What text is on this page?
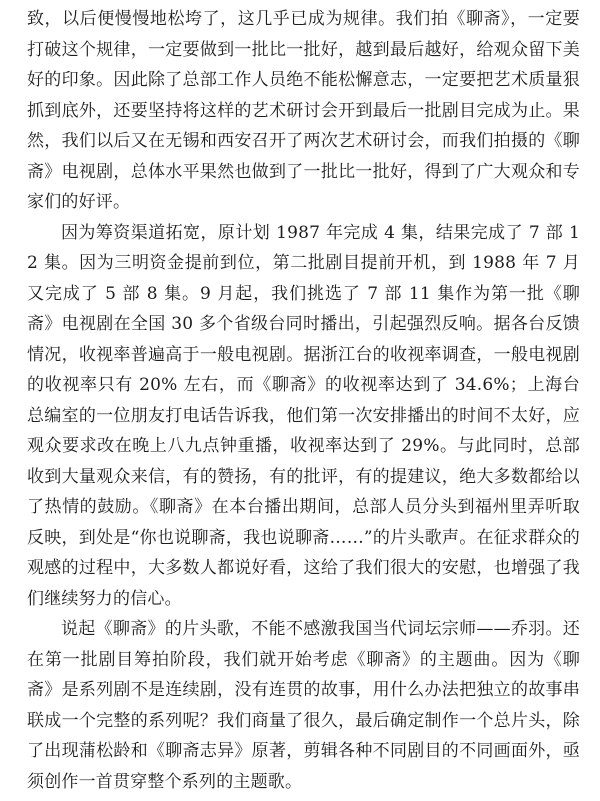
致，以后便慢慢地松垮了，这几乎已成为规律。我们拍《聊斋》，一定要打破这个规律，一定要做到一批比一批好，越到最后越好，给观众留下美好的印象。因此除了总部工作人员绝不能松懈意志，一定要把艺术质量狠抓到底外，还要坚持将这样的艺术研讨会开到最后一批剧目完成为止。果然，我们以后又在无锡和西安召开了两次艺术研讨会，而我们拍摄的《聊斋》电视剧，总体水平果然也做到了一批比一批好，得到了广大观众和专家们的好评。

因为筹资渠道拓宽，原计划 1987 年完成 4 集，结果完成了 7 部 12 集。因为三明资金提前到位，第二批剧目提前开机，到 1988 年 7 月又完成了 5 部 8 集。9 月起，我们挑选了 7 部 11 集作为第一批《聊斋》电视剧在全国 30 多个省级台同时播出，引起强烈反响。据各台反馈情况，收视率普遍高于一般电视剧。据浙江台的收视率调查，一般电视剧的收视率只有 20% 左右，而《聊斋》的收视率达到了 34.6%；上海台总编室的一位朋友打电话告诉我，他们第一次安排播出的时间不太好，应观众要求改在晚上八九点钟重播，收视率达到了 29%。与此同时，总部收到大量观众来信，有的赞扬，有的批评，有的提建议，绝大多数都给以了热情的鼓励。《聊斋》在本台播出期间，总部人员分头到福州里弄听取反映，到处是“你也说聊斋，我也说聊斋……”的片头歌声。在征求群众的观感的过程中，大多数人都说好看，这给了我们很大的安慰，也增强了我们继续努力的信心。

说起《聊斋》的片头歌，不能不感激我国当代词坛宗师——乔羽。还在第一批剧目筹拍阶段，我们就开始考虑《聊斋》的主题曲。因为《聊斋》是系列剧不是连续剧，没有连贯的故事，用什么办法把独立的故事串联成一个完整的系列呢？我们商量了很久，最后确定制作一个总片头，除了出现蒲松龄和《聊斋志异》原著，剪辑各种不同剧目的不同画面外，亟须创作一首贯穿整个系列的主题歌。
